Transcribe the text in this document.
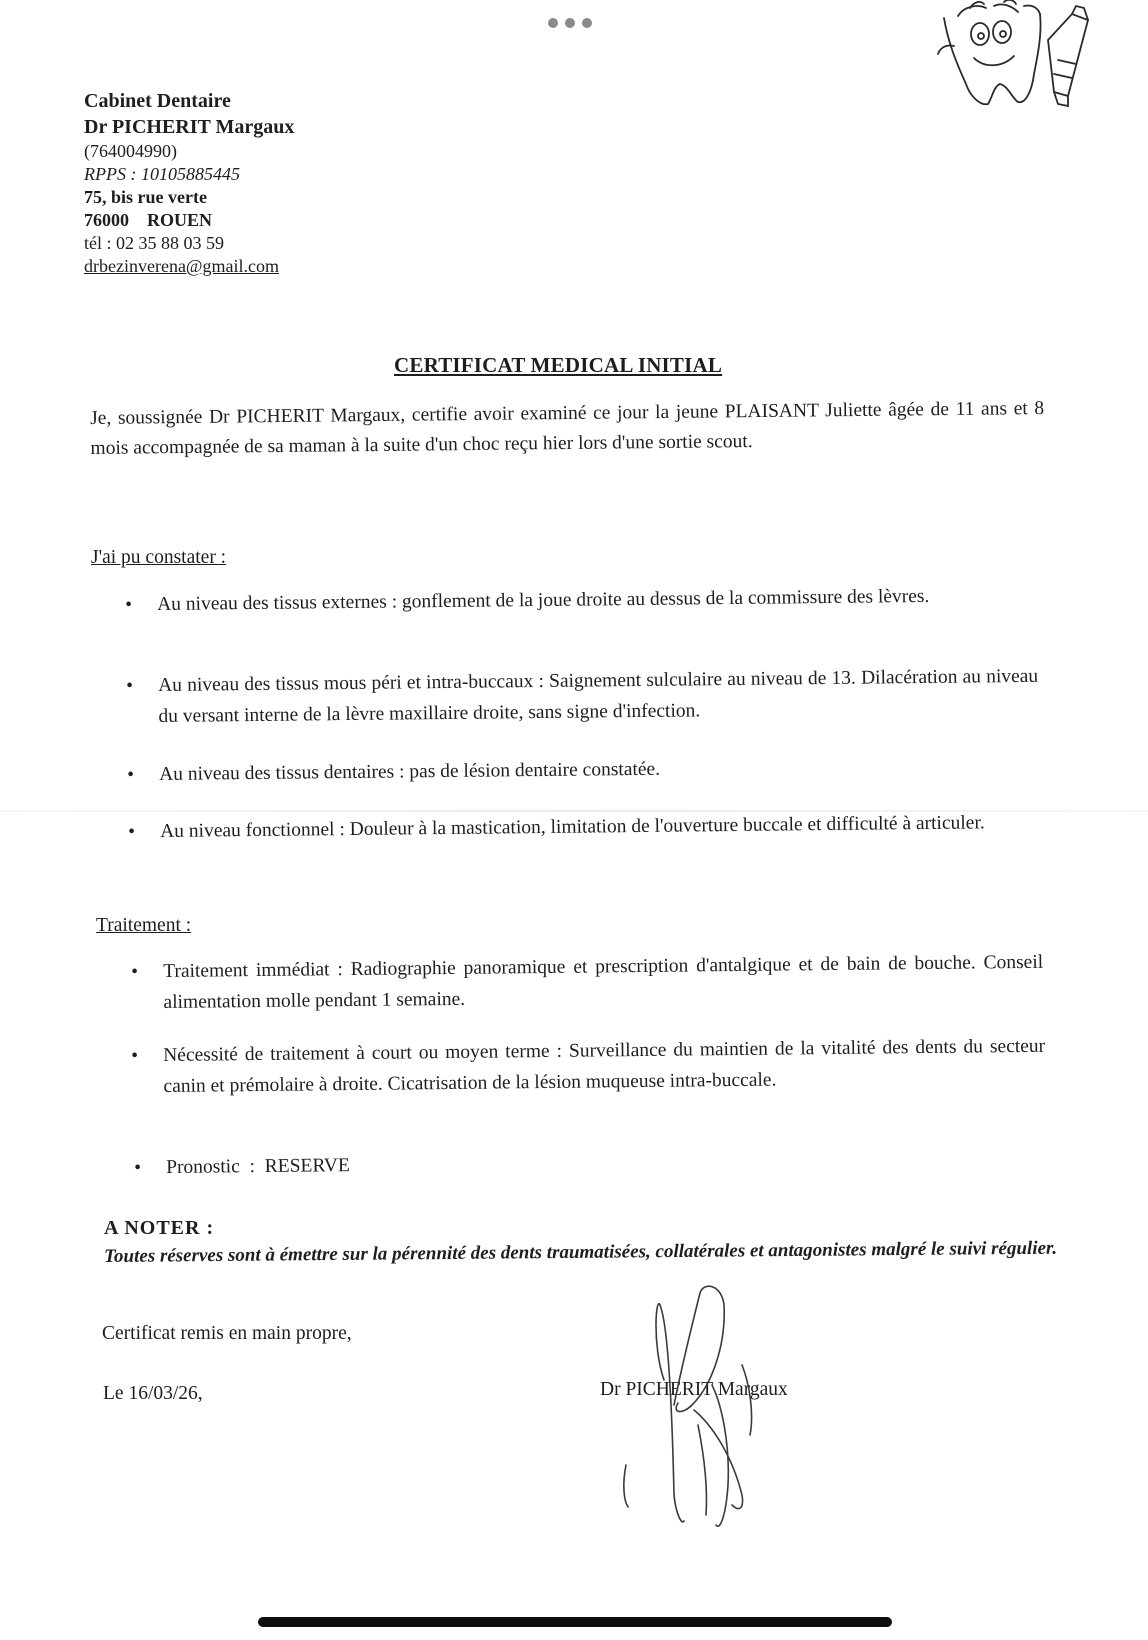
Cabinet Dentaire
Dr PICHERIT Margaux
(764004990)
RPPS : 10105885445
75, bis rue verte
76000    ROUEN
tél : 02 35 88 03 59
drbezinverena@gmail.com
CERTIFICAT MEDICAL INITIAL
Je, soussignée Dr PICHERIT Margaux, certifie avoir examiné ce jour la jeune PLAISANT Juliette âgée de 11 ans et 8 mois accompagnée de sa maman à la suite d'un choc reçu hier lors d'une sortie scout.
J'ai pu constater :
• Au niveau des tissus externes : gonflement de la joue droite au dessus de la commissure des lèvres.
• Au niveau des tissus mous péri et intra-buccaux : Saignement sulculaire au niveau de 13. Dilacération au niveau du versant interne de la lèvre maxillaire droite, sans signe d'infection.
• Au niveau des tissus dentaires : pas de lésion dentaire constatée.
• Au niveau fonctionnel : Douleur à la mastication, limitation de l'ouverture buccale et difficulté à articuler.
Traitement :
• Traitement immédiat : Radiographie panoramique et prescription d'antalgique et de bain de bouche. Conseil alimentation molle pendant 1 semaine.
• Nécessité de traitement à court ou moyen terme : Surveillance du maintien de la vitalité des dents du secteur canin et prémolaire à droite. Cicatrisation de la lésion muqueuse intra-buccale.
• Pronostic  :  RESERVE
A NOTER :
Toutes réserves sont à émettre sur la pérennité des dents traumatisées, collatérales et antagonistes malgré le suivi régulier.
Certificat remis en main propre,
Le 16/03/26,	Dr PICHERIT Margaux
